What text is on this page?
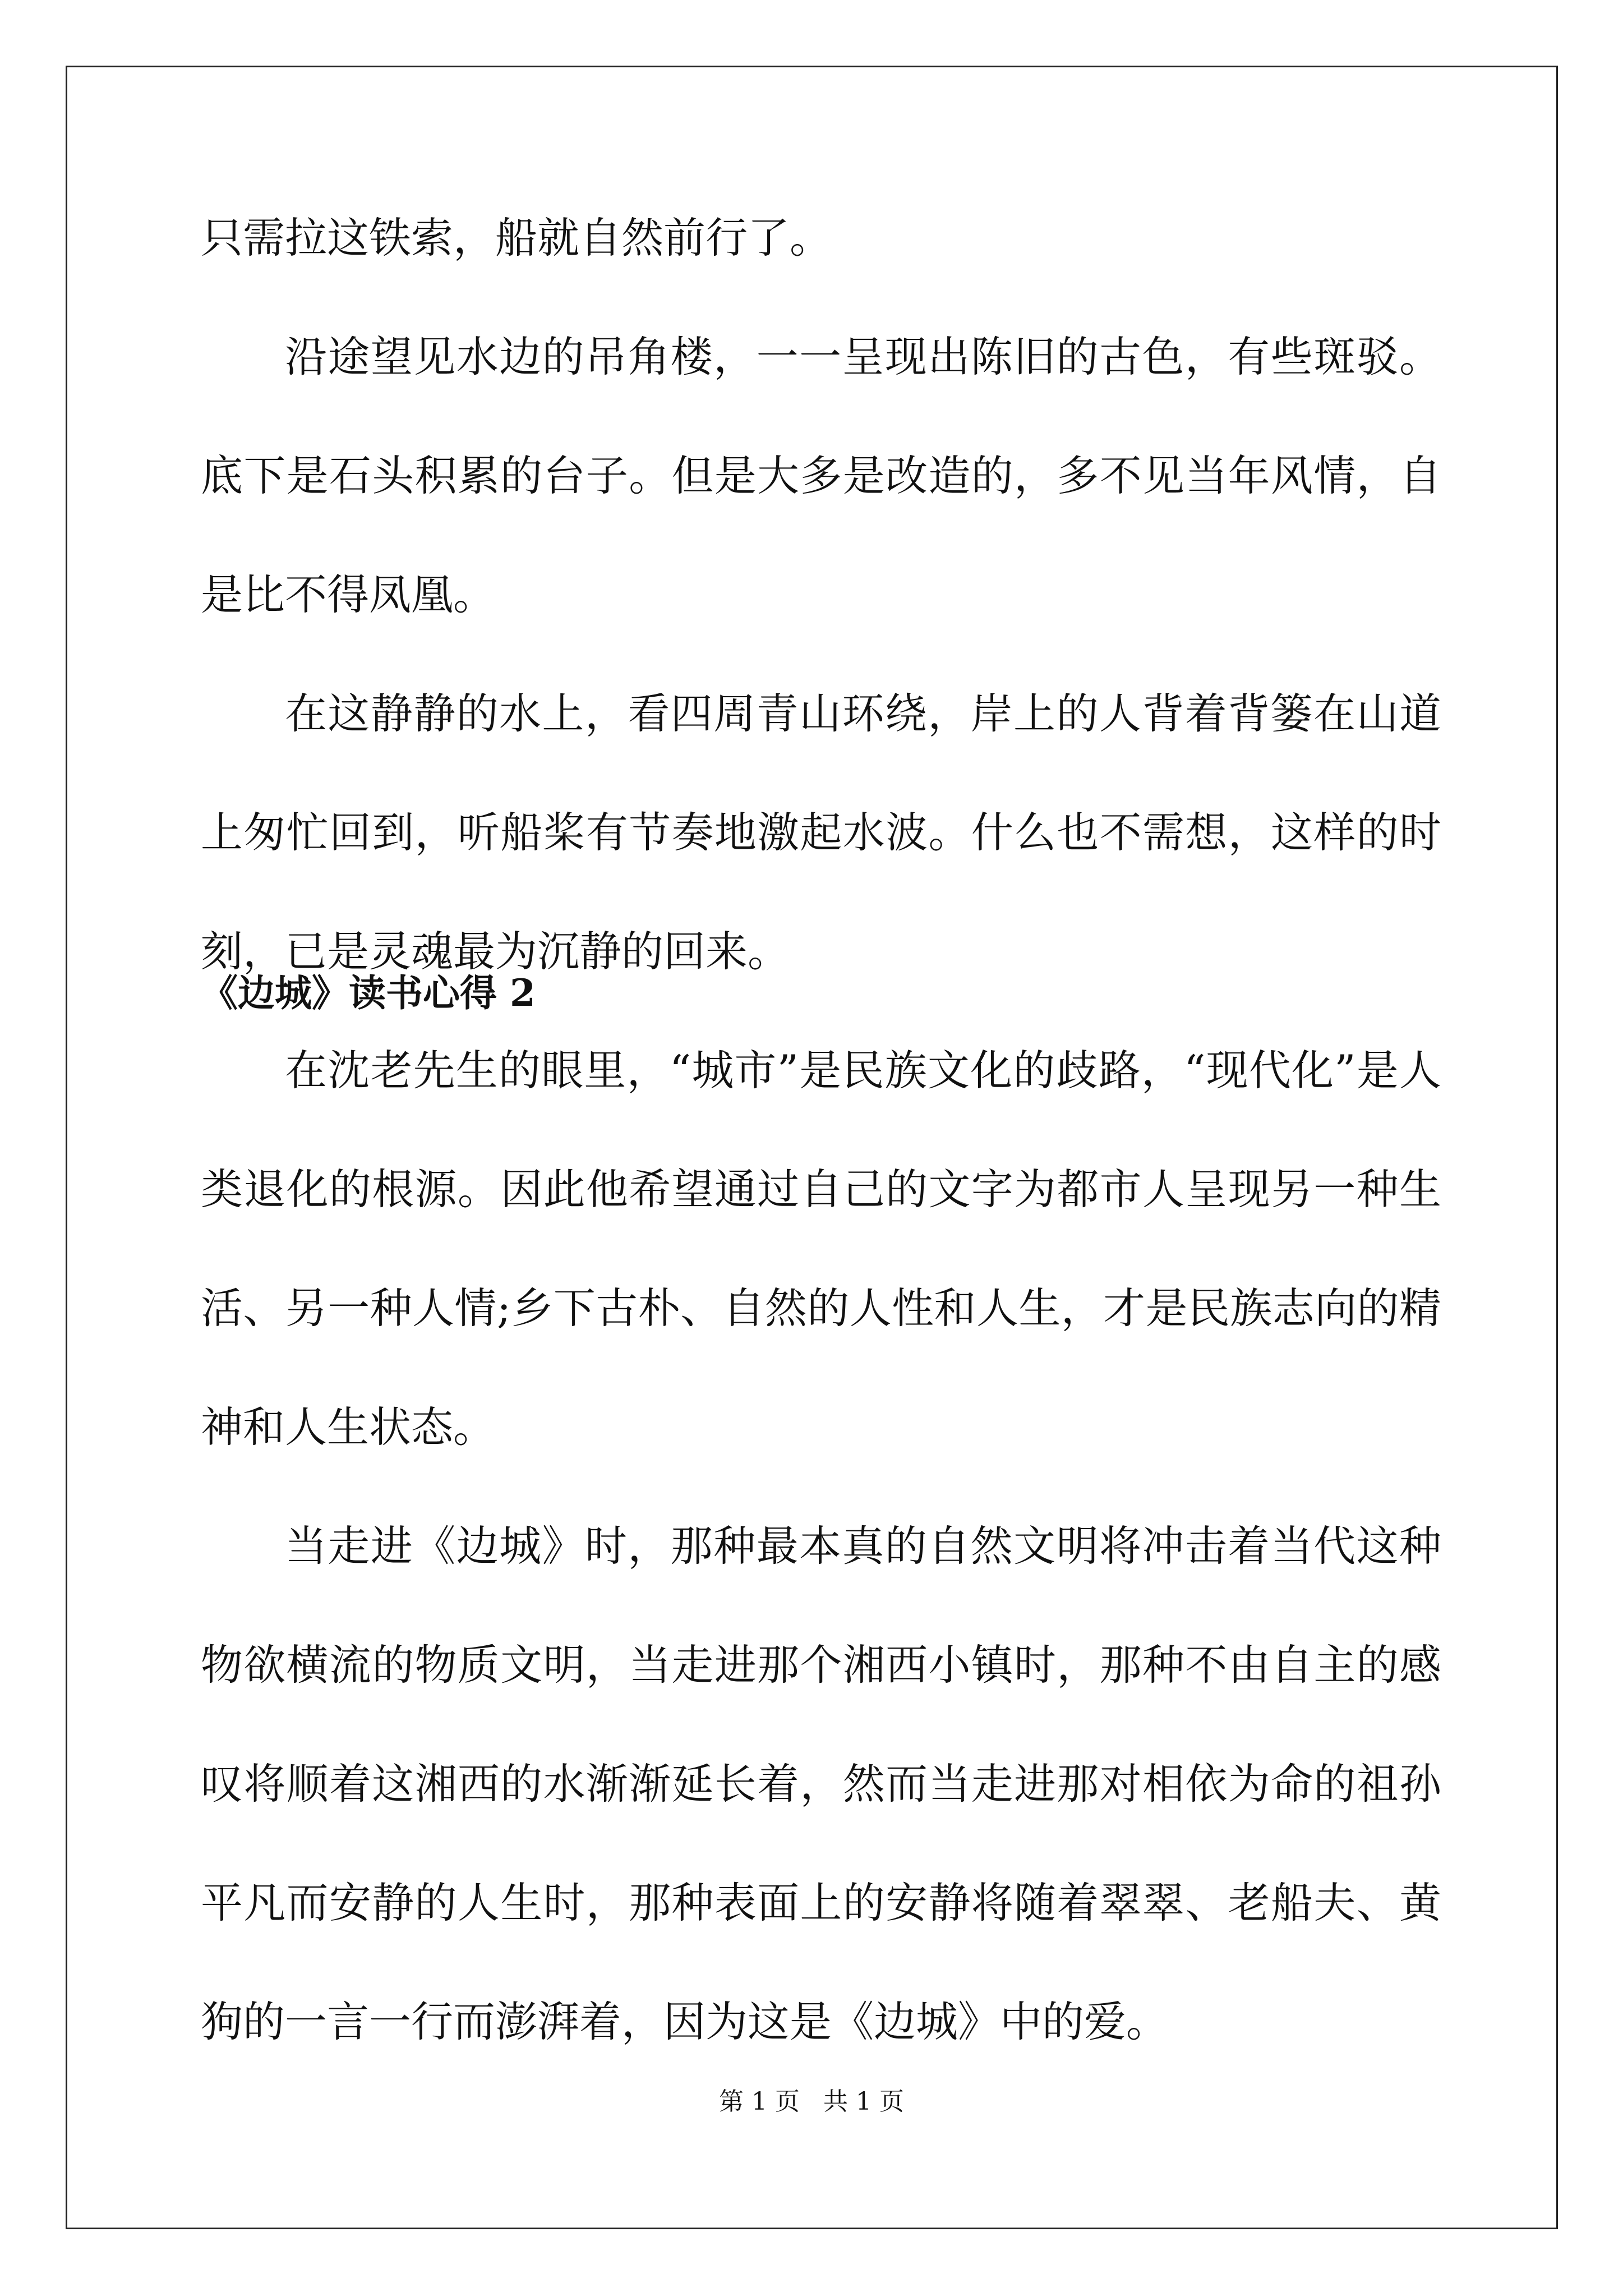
只需拉这铁索，船就自然前行了。

沿途望见水边的吊角楼，一一呈现出陈旧的古色，有些斑驳。底下是石头积累的台子。但是大多是改造的，多不见当年风情，自是比不得凤凰。

在这静静的水上，看四周青山环绕，岸上的人背着背篓在山道上匆忙回到，听船桨有节奏地激起水波。什么也不需想，这样的时刻，已是灵魂最为沉静的回来。

《边城》读书心得 2

在沈老先生的眼里，“城市”是民族文化的歧路，“现代化”是人类退化的根源。因此他希望通过自己的文字为都市人呈现另一种生活、另一种人情;乡下古朴、自然的人性和人生，才是民族志向的精神和人生状态。

当走进《边城》时，那种最本真的自然文明将冲击着当代这种物欲横流的物质文明，当走进那个湘西小镇时，那种不由自主的感叹将顺着这湘西的水渐渐延长着，然而当走进那对相依为命的祖孙平凡而安静的人生时，那种表面上的安静将随着翠翠、老船夫、黄狗的一言一行而澎湃着，因为这是《边城》中的爱。

第 1 页   共 1 页
